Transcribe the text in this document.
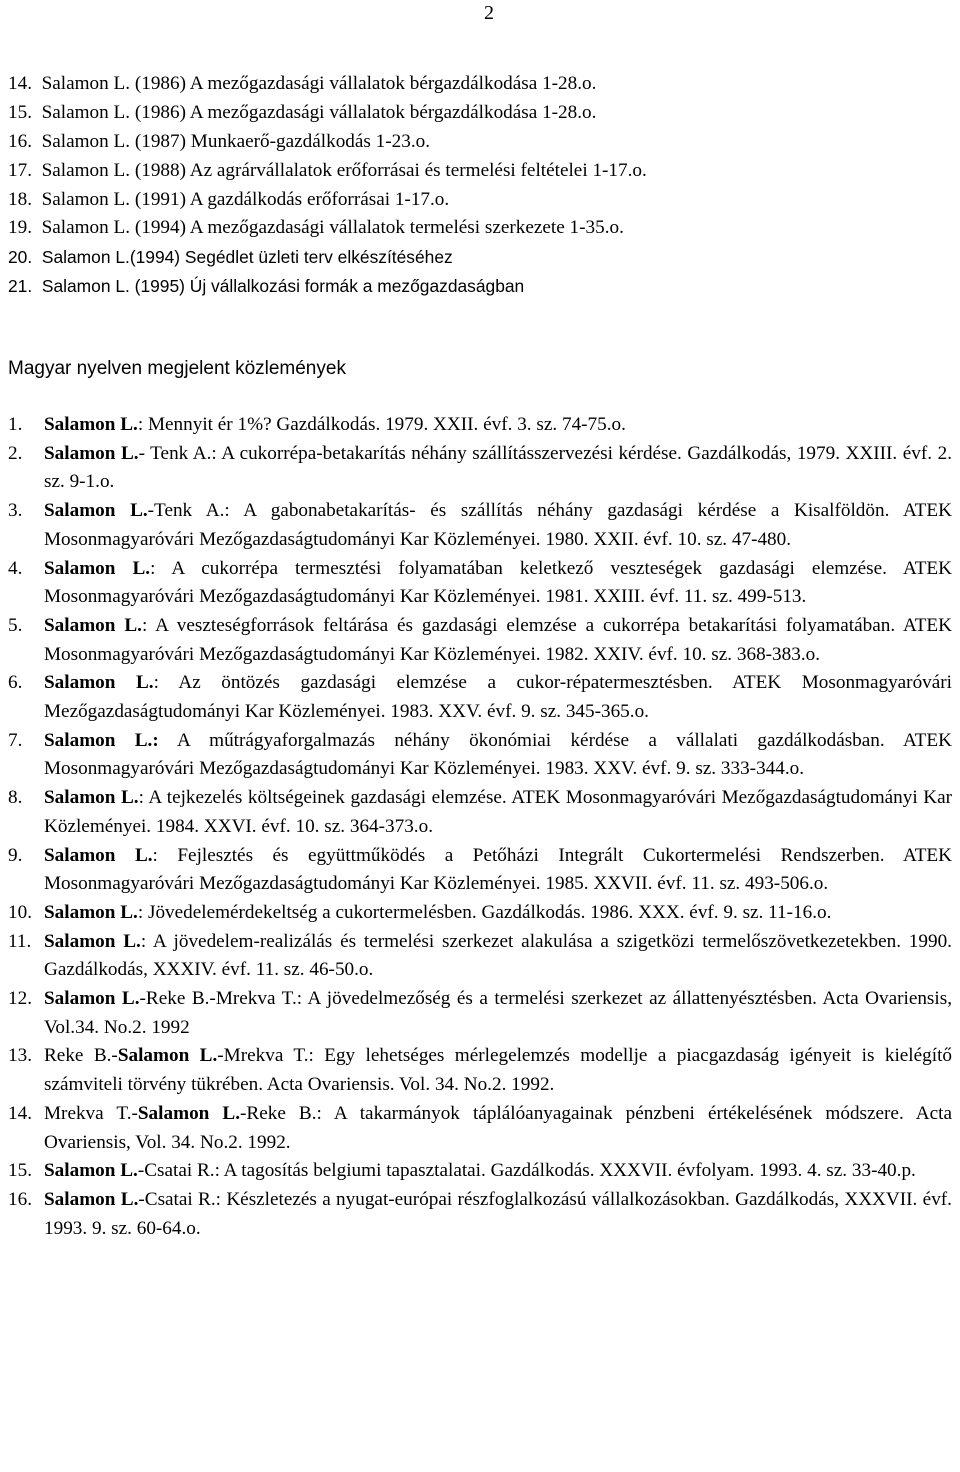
2
14. Salamon L. (1986) A mezőgazdasági vállalatok bérgazdálkodása 1-28.o.
15. Salamon L. (1986) A mezőgazdasági vállalatok bérgazdálkodása 1-28.o.
16. Salamon L. (1987) Munkaerő-gazdálkodás 1-23.o.
17. Salamon L. (1988) Az agrárvállalatok erőforrásai és termelési feltételei 1-17.o.
18. Salamon L. (1991) A gazdálkodás erőforrásai 1-17.o.
19. Salamon L. (1994) A mezőgazdasági vállalatok termelési szerkezete 1-35.o.
20. Salamon L.(1994) Segédlet üzleti terv elkészítéséhez
21. Salamon L. (1995) Új vállalkozási formák a mezőgazdaságban
Magyar nyelven megjelent közlemények
1.	Salamon L.: Mennyit ér 1%? Gazdálkodás. 1979. XXII. évf. 3. sz. 74-75.o.
2.	Salamon L.- Tenk A.: A cukorrépa-betakarítás néhány szállításszervezési kérdése. Gazdálkodás, 1979. XXIII. évf. 2. sz. 9-1.o.
3.	Salamon L.-Tenk A.: A gabonabetakarítás- és szállítás néhány gazdasági kérdése a Kisalföldön. ATEK Mosonmagyaróvári Mezőgazdaságtudományi Kar Közleményei. 1980. XXII. évf. 10. sz. 47-480.
4.	Salamon L.: A cukorrépa termesztési folyamatában keletkező veszteségek gazdasági elemzése. ATEK Mosonmagyaróvári Mezőgazdaságtudományi Kar Közleményei. 1981. XXIII. évf. 11. sz. 499-513.
5.	Salamon L.: A veszteségforrások feltárása és gazdasági elemzése a cukorrépa betakarítási folyamatában. ATEK Mosonmagyaróvári Mezőgazdaságtudományi Kar Közleményei. 1982. XXIV. évf. 10. sz. 368-383.o.
6.	Salamon L.: Az öntözés gazdasági elemzése a cukor-répatermesztésben. ATEK Mosonmagyaróvári Mezőgazdaságtudományi Kar Közleményei. 1983. XXV. évf. 9. sz. 345-365.o.
7.	Salamon L.: A műtrágyaforgalmazás néhány ökonómiai kérdése a vállalati gazdálkodásban. ATEK Mosonmagyaróvári Mezőgazdaságtudományi Kar Közleményei. 1983. XXV. évf. 9. sz. 333-344.o.
8.	Salamon L.: A tejkezelés költségeinek gazdasági elemzése. ATEK Mosonmagyaróvári Mezőgazdaságtudományi Kar Közleményei. 1984. XXVI. évf. 10. sz. 364-373.o.
9.	Salamon L.: Fejlesztés és együttműködés a Petőházi Integrált Cukortermelési Rendszerben. ATEK Mosonmagyaróvári Mezőgazdaságtudományi Kar Közleményei. 1985. XXVII. évf. 11. sz. 493-506.o.
10. Salamon L.: Jövedelemérdekeltség a cukortermelésben. Gazdálkodás. 1986. XXX. évf. 9. sz. 11-16.o.
11. Salamon L.: A jövedelem-realizálás és termelési szerkezet alakulása a szigetközi termelőszövetkezetekben. 1990. Gazdálkodás, XXXIV. évf. 11. sz. 46-50.o.
12. Salamon L.-Reke B.-Mrekva T.: A jövedelmezőség és a termelési szerkezet az állattenyésztésben. Acta Ovariensis, Vol.34. No.2. 1992
13. Reke B.-Salamon L.-Mrekva T.: Egy lehetséges mérlegelemzés modellje a piacgazdaság igényeit is kielégítő számviteli törvény tükrében. Acta Ovariensis. Vol. 34. No.2. 1992.
14. Mrekva T.-Salamon L.-Reke B.: A takarmányok táplálóanyagainak pénzbeni értékelésének módszere. Acta Ovariensis, Vol. 34. No.2. 1992.
15. Salamon L.-Csatai R.: A tagosítás belgiumi tapasztalatai. Gazdálkodás. XXXVII. évfolyam. 1993. 4. sz. 33-40.p.
16. Salamon L.-Csatai R.: Készletezés a nyugat-európai részfoglalkozású vállalkozásokban. Gazdálkodás, XXXVII. évf. 1993. 9. sz. 60-64.o.
